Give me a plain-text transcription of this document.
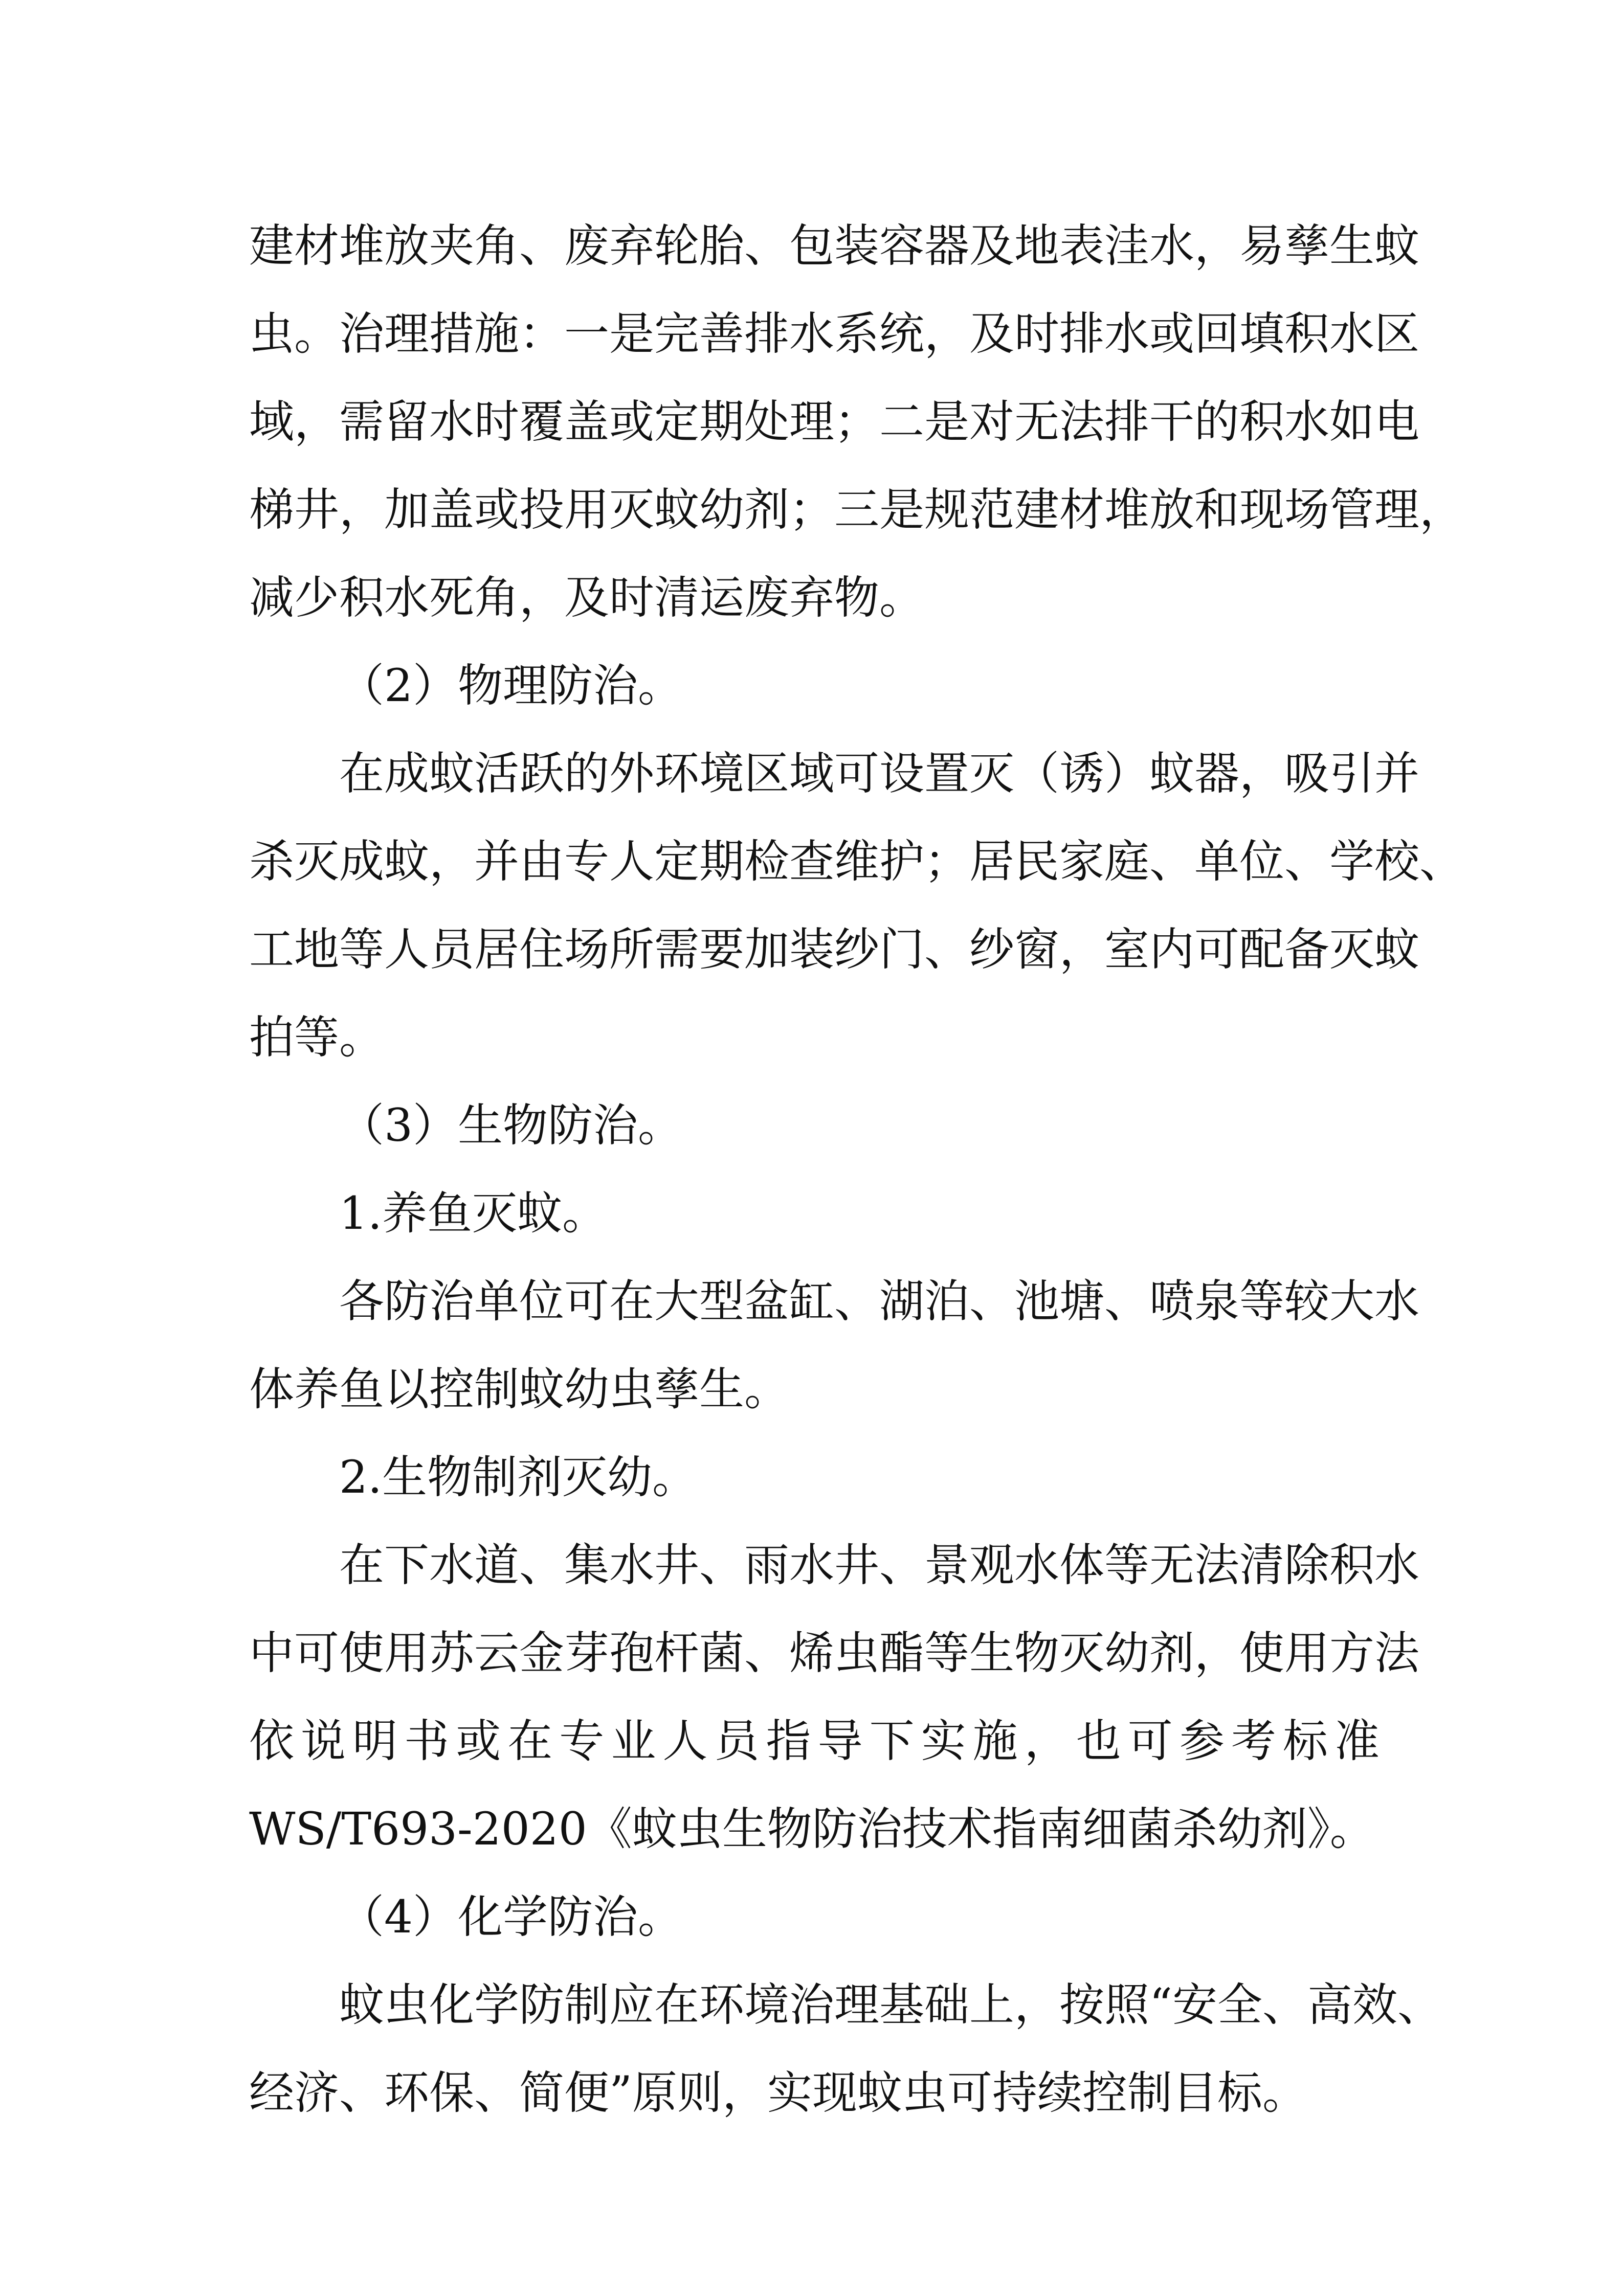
建材堆放夹角、废弃轮胎、包装容器及地表洼水，易孳生蚊
虫。治理措施：一是完善排水系统，及时排水或回填积水区
域，需留水时覆盖或定期处理；二是对无法排干的积水如电
梯井，加盖或投用灭蚊幼剂；三是规范建材堆放和现场管理，
减少积水死角，及时清运废弃物。
（2）物理防治。
在成蚊活跃的外环境区域可设置灭（诱）蚊器，吸引并
杀灭成蚊，并由专人定期检查维护；居民家庭、单位、学校、
工地等人员居住场所需要加装纱门、纱窗，室内可配备灭蚊
拍等。
（3）生物防治。
1.养鱼灭蚊。
各防治单位可在大型盆缸、湖泊、池塘、喷泉等较大水
体养鱼以控制蚊幼虫孳生。
2.生物制剂灭幼。
在下水道、集水井、雨水井、景观水体等无法清除积水
中可使用苏云金芽孢杆菌、烯虫酯等生物灭幼剂，使用方法
依说明书或在专业人员指导下实施，也可参考标准
WS/T693-2020《蚊虫生物防治技术指南细菌杀幼剂》。
（4）化学防治。
蚊虫化学防制应在环境治理基础上，按照“安全、高效、
经济、环保、简便”原则，实现蚊虫可持续控制目标。
